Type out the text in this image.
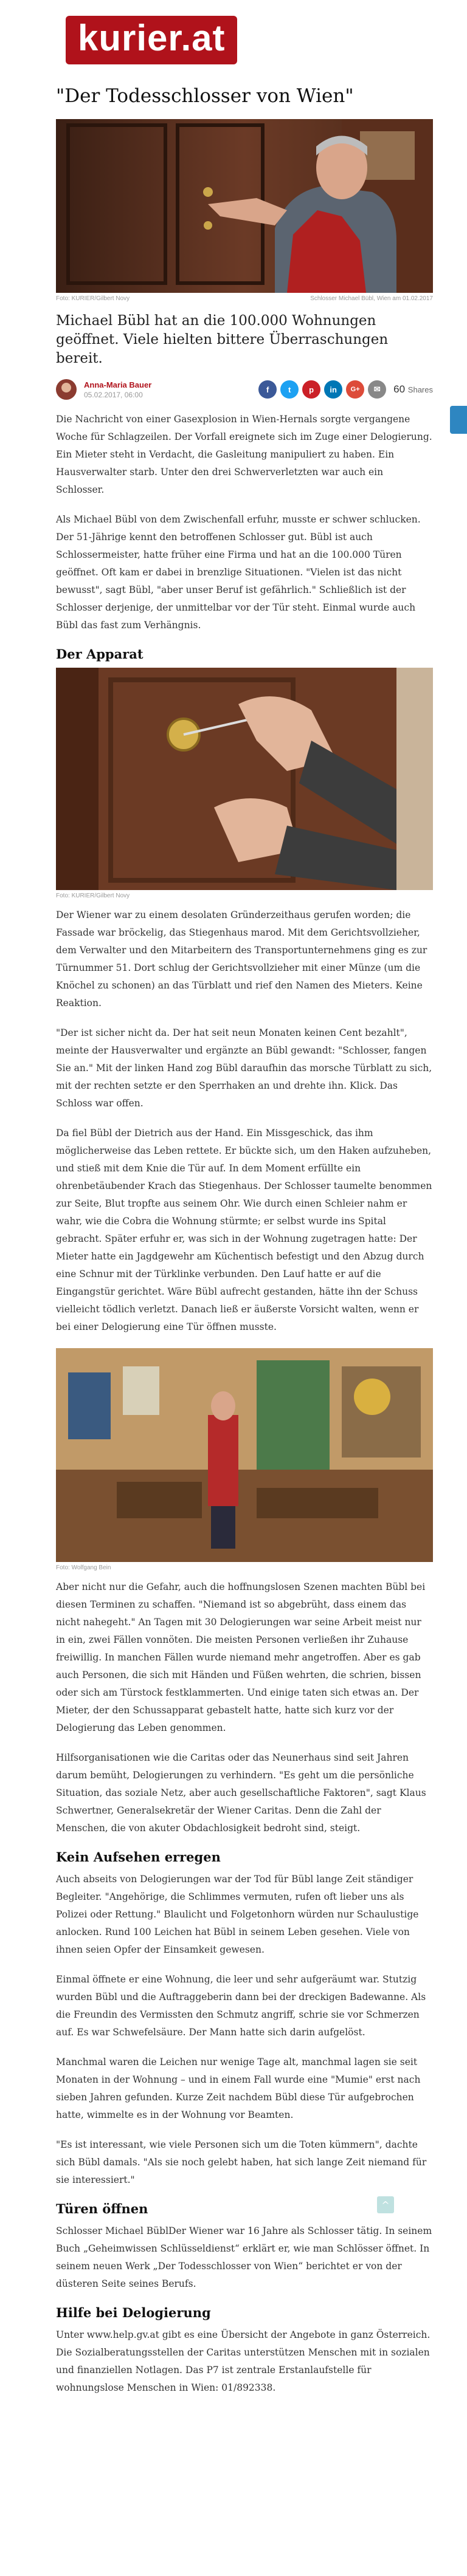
kurier.at
"Der Todesschlosser von Wien"
Foto: KURIER/Gilbert Novy	Schlosser Michael Bübl, Wien am 01.02.2017

Michael Bübl hat an die 100.000 Wohnungen geöffnet. Viele hielten bittere Überraschungen bereit.

Anna-Maria Bauer
05.02.2017, 06:00
f	t	p	in	G+	✉	60 Shares

Die Nachricht von einer Gasexplosion in Wien-Hernals sorgte vergangene Woche für Schlagzeilen. Der Vorfall ereignete sich im Zuge einer Delogierung. Ein Mieter steht in Verdacht, die Gasleitung manipuliert zu haben. Ein Hausverwalter starb. Unter den drei Schwerverletzten war auch ein Schlosser.

Als Michael Bübl von dem Zwischenfall erfuhr, musste er schwer schlucken. Der 51-Jährige kennt den betroffenen Schlosser gut. Bübl ist auch Schlossermeister, hatte früher eine Firma und hat an die 100.000 Türen geöffnet. Oft kam er dabei in brenzlige Situationen. "Vielen ist das nicht bewusst", sagt Bübl, "aber unser Beruf ist gefährlich." Schließlich ist der Schlosser derjenige, der unmittelbar vor der Tür steht. Einmal wurde auch Bübl das fast zum Verhängnis.

Der Apparat
Foto: KURIER/Gilbert Novy

Der Wiener war zu einem desolaten Gründerzeithaus gerufen worden; die Fassade war bröckelig, das Stiegenhaus marod. Mit dem Gerichtsvollzieher, dem Verwalter und den Mitarbeitern des Transportunternehmens ging es zur Türnummer 51. Dort schlug der Gerichtsvollzieher mit einer Münze (um die Knöchel zu schonen) an das Türblatt und rief den Namen des Mieters. Keine Reaktion.

"Der ist sicher nicht da. Der hat seit neun Monaten keinen Cent bezahlt", meinte der Hausverwalter und ergänzte an Bübl gewandt: "Schlosser, fangen Sie an." Mit der linken Hand zog Bübl daraufhin das morsche Türblatt zu sich, mit der rechten setzte er den Sperrhaken an und drehte ihn. Klick. Das Schloss war offen.

Da fiel Bübl der Dietrich aus der Hand. Ein Missgeschick, das ihm möglicherweise das Leben rettete. Er bückte sich, um den Haken aufzuheben, und stieß mit dem Knie die Tür auf. In dem Moment erfüllte ein ohrenbetäubender Krach das Stiegenhaus. Der Schlosser taumelte benommen zur Seite, Blut tropfte aus seinem Ohr. Wie durch einen Schleier nahm er wahr, wie die Cobra die Wohnung stürmte; er selbst wurde ins Spital gebracht. Später erfuhr er, was sich in der Wohnung zugetragen hatte: Der Mieter hatte ein Jagdgewehr am Küchentisch befestigt und den Abzug durch eine Schnur mit der Türklinke verbunden. Den Lauf hatte er auf die Eingangstür gerichtet. Wäre Bübl aufrecht gestanden, hätte ihn der Schuss vielleicht tödlich verletzt. Danach ließ er äußerste Vorsicht walten, wenn er bei einer Delogierung eine Tür öffnen musste.

Foto: Wolfgang Bein

Aber nicht nur die Gefahr, auch die hoffnungslosen Szenen machten Bübl bei diesen Terminen zu schaffen. "Niemand ist so abgebrüht, dass einem das nicht nahegeht." An Tagen mit 30 Delogierungen war seine Arbeit meist nur in ein, zwei Fällen vonnöten. Die meisten Personen verließen ihr Zuhause freiwillig. In manchen Fällen wurde niemand mehr angetroffen. Aber es gab auch Personen, die sich mit Händen und Füßen wehrten, die schrien, bissen oder sich am Türstock festklammerten. Und einige taten sich etwas an. Der Mieter, der den Schussapparat gebastelt hatte, hatte sich kurz vor der Delogierung das Leben genommen.

Hilfsorganisationen wie die Caritas oder das Neunerhaus sind seit Jahren darum bemüht, Delogierungen zu verhindern. "Es geht um die persönliche Situation, das soziale Netz, aber auch gesellschaftliche Faktoren", sagt Klaus Schwertner, Generalsekretär der Wiener Caritas. Denn die Zahl der Menschen, die von akuter Obdachlosigkeit bedroht sind, steigt.

Kein Aufsehen erregen

Auch abseits von Delogierungen war der Tod für Bübl lange Zeit ständiger Begleiter. "Angehörige, die Schlimmes vermuten, rufen oft lieber uns als Polizei oder Rettung." Blaulicht und Folgetonhorn würden nur Schaulustige anlocken. Rund 100 Leichen hat Bübl in seinem Leben gesehen. Viele von ihnen seien Opfer der Einsamkeit gewesen.

Einmal öffnete er eine Wohnung, die leer und sehr aufgeräumt war. Stutzig wurden Bübl und die Auftraggeberin dann bei der dreckigen Badewanne. Als die Freundin des Vermissten den Schmutz angriff, schrie sie vor Schmerzen auf. Es war Schwefelsäure. Der Mann hatte sich darin aufgelöst.

Manchmal waren die Leichen nur wenige Tage alt, manchmal lagen sie seit Monaten in der Wohnung – und in einem Fall wurde eine "Mumie" erst nach sieben Jahren gefunden. Kurze Zeit nachdem Bübl diese Tür aufgebrochen hatte, wimmelte es in der Wohnung vor Beamten.

"Es ist interessant, wie viele Personen sich um die Toten kümmern", dachte sich Bübl damals. "Als sie noch gelebt haben, hat sich lange Zeit niemand für sie interessiert."

Türen öffnen

Schlosser Michael BüblDer Wiener war 16 Jahre als Schlosser tätig. In seinem Buch „Geheimwissen Schlüsseldienst“ erklärt er, wie man Schlösser öffnet. In seinem neuen Werk „Der Todesschlosser von Wien“ berichtet er von der düsteren Seite seines Berufs.

Hilfe bei Delogierung

Unter www.help.gv.at gibt es eine Übersicht der Angebote in ganz Österreich. Die Sozialberatungsstellen der Caritas unterstützen Menschen mit in sozialen und finanziellen Notlagen. Das P7 ist zentrale Erstanlaufstelle für wohnungslose Menschen in Wien: 01/892338.

^
